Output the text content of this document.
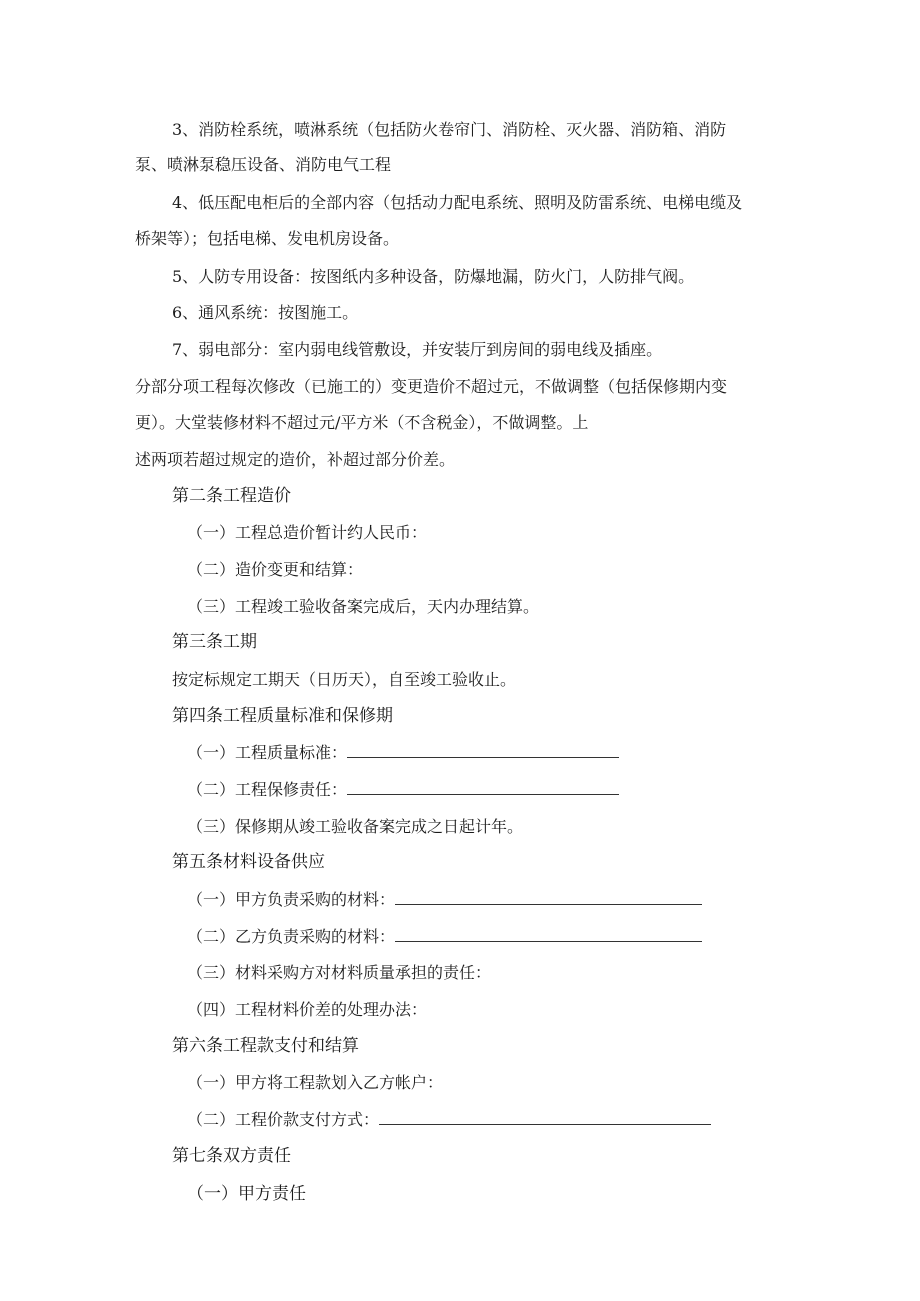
3、消防栓系统，喷淋系统（包括防火卷帘门、消防栓、灭火器、消防箱、消防
泵、喷淋泵稳压设备、消防电气工程
4、低压配电柜后的全部内容（包括动力配电系统、照明及防雷系统、电梯电缆及
桥架等）；包括电梯、发电机房设备。
5、人防专用设备：按图纸内多种设备，防爆地漏，防火门，人防排气阀。
6、通风系统：按图施工。
7、弱电部分：室内弱电线管敷设，并安装厅到房间的弱电线及插座。
分部分项工程每次修改（已施工的）变更造价不超过元，不做调整（包括保修期内变
更）。大堂装修材料不超过元/平方米（不含税金），不做调整。上
述两项若超过规定的造价，补超过部分价差。
第二条工程造价
（一）工程总造价暂计约人民币：
（二）造价变更和结算：
（三）工程竣工验收备案完成后，天内办理结算。
第三条工期
按定标规定工期天（日历天），自至竣工验收止。
第四条工程质量标准和保修期
（一）工程质量标准：
（二）工程保修责任：
（三）保修期从竣工验收备案完成之日起计年。
第五条材料设备供应
（一）甲方负责采购的材料：
（二）乙方负责采购的材料：
（三）材料采购方对材料质量承担的责任：
（四）工程材料价差的处理办法：
第六条工程款支付和结算
（一）甲方将工程款划入乙方帐户：
（二）工程价款支付方式：
第七条双方责任
（一）甲方责任
